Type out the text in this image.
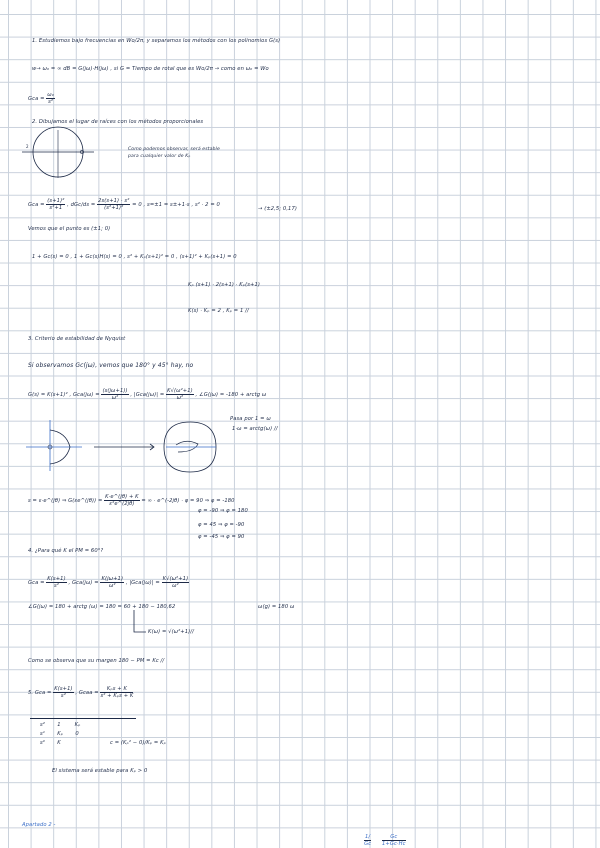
1. Estudiemos bajo frecuencias en Wo/2π, y separamos los métodos con los polinomios G(s)
w→ ω₀ = ∞ dB = G(jω)·H(jω) , si G = Tiempo de rotal que es Wo/2π → como en ω₀ = Wo
Gca = $\frac{\text{ω₀}}{\text{s²}}$
2. Dibujamos el lugar de raíces con los métodos proporcionales
2
Como podemos observar, será estable
para cualquier valor de Kₚ
Gca = $\frac{\text{(s+1)²}}{\text{s²+1}}$ , $dGc/ds = \frac{\text{2s(s+1) · s²}}{\text{(s²+1)²}} = 0$ , s=±1 = s±+1·s , s² · 2 = 0
→ (±2,5; 0,17)
Vemos que el punto es (±1; 0)
1 + Gc(s) = 0 , 1 + Gc(s)H(s) = 0 , s² + Kₚ(s+1)² = 0 , (s+1)² + Kₚ(s+1) = 0
Kₚ (s+1) · 2(s+1) · Kₚ(s+1)
K(s) · Kₚ = 2 , Kₚ = 1 //
3. Criterio de estabilidad de Nyquist
Si observamos Gc(jω), vemos que 180° y 45° hay, no
G(s) = K(s+1)² , $Gca(j\omega) = \frac{(s(j\omega+1))}{\text{ω²}}$ , $|Gca(j\omega)| = \frac{\text{K√(ω²+1)}}{\text{ω²}}$ , ∠G(jω) = -180 + arctg ω
Pasa por 1 = ω
1·ω = arctg(ω) //
s = ε·e^(jθ) ⇒ G(εe^(jθ)) = $\frac{K\cdot e\^{}(j\theta) + K}{\text{ε²e\textasciicircum{}(2jθ)}}$ = ∞ · e^(-2jθ) · φ = 90 ⇒ φ = -180
φ = -90 ⇒ φ = 180
φ = 45 ⇒ φ = -90
φ = -45 ⇒ φ = 90
4. ¿Para qué K el PM = 60°?
Gca = $\frac{K(s+1)}{\text{s²}}$ , $Gca(j\omega) = \frac{K(j\omega+1)}{\text{ω²}}$ , $|Gca(j\omega)| = \frac{\text{K√(ω²+1)}}{\text{ω²}}$
∠G(jω) = 180 + arctg (ω) = 180 = 60 + 180 − 180,62	ω(g) = 180 ω
K(ω) = √(ω²+1)//
Como se observa que su margen 180 − PM = Kc //
5. Gca = $\frac{K(s+1)}{\text{s²}}$ , Gcaa = $\frac{\text{Kₚs + K}}{\text{s² + Kₚs + K}}$
s² 1	Kₚ
s¹ Kₚ 0
s⁰ K	c = (Kₚ² − 0)/Kₚ = Kₚ
El sistema será estable para Kₚ > 0
Apartado 2 -
$\frac{1/}{Gc} \frac{Gc}{1+Gc\cdot Hc}$
